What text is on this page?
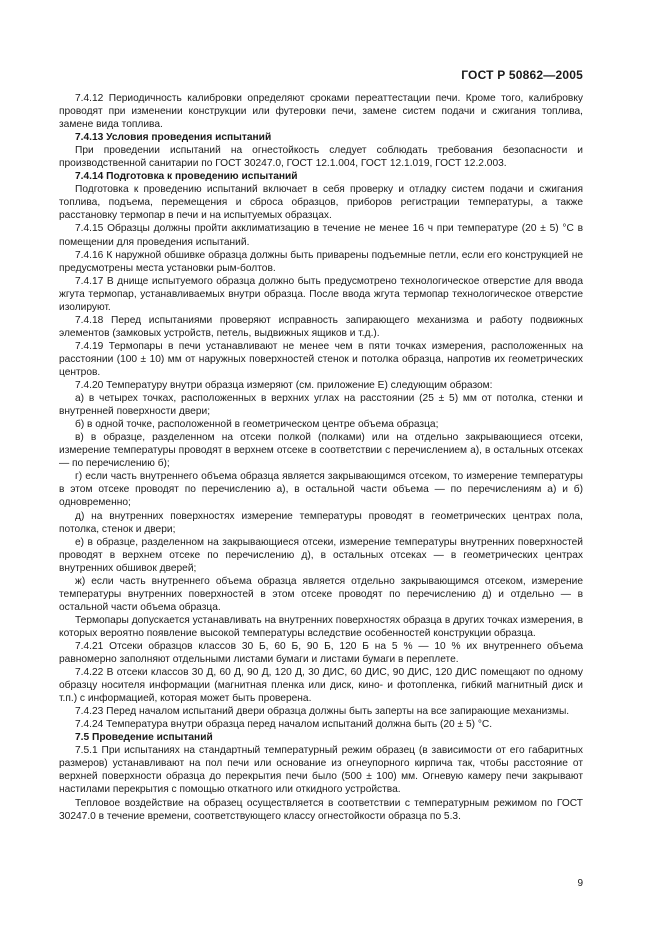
ГОСТ Р 50862—2005

7.4.12 Периодичность калибровки определяют сроками переаттестации печи. Кроме того, калибровку проводят при изменении конструкции или футеровки печи, замене систем подачи и сжигания топлива, замене вида топлива.

7.4.13 Условия проведения испытаний

При проведении испытаний на огнестойкость следует соблюдать требования безопасности и производственной санитарии по ГОСТ 30247.0, ГОСТ 12.1.004, ГОСТ 12.1.019, ГОСТ 12.2.003.

7.4.14 Подготовка к проведению испытаний

Подготовка к проведению испытаний включает в себя проверку и отладку систем подачи и сжигания топлива, подъема, перемещения и сброса образцов, приборов регистрации температуры, а также расстановку термопар в печи и на испытуемых образцах.

7.4.15 Образцы должны пройти акклиматизацию в течение не менее 16 ч при температуре (20 ± 5) °С в помещении для проведения испытаний.

7.4.16 К наружной обшивке образца должны быть приварены подъемные петли, если его конструкцией не предусмотрены места установки рым-болтов.

7.4.17 В днище испытуемого образца должно быть предусмотрено технологическое отверстие для ввода жгута термопар, устанавливаемых внутри образца. После ввода жгута термопар технологическое отверстие изолируют.

7.4.18 Перед испытаниями проверяют исправность запирающего механизма и работу подвижных элементов (замковых устройств, петель, выдвижных ящиков и т.д.).

7.4.19 Термопары в печи устанавливают не менее чем в пяти точках измерения, расположенных на расстоянии (100 ± 10) мм от наружных поверхностей стенок и потолка образца, напротив их геометрических центров.

7.4.20 Температуру внутри образца измеряют (см. приложение Е) следующим образом:

а) в четырех точках, расположенных в верхних углах на расстоянии (25 ± 5) мм от потолка, стенки и внутренней поверхности двери;

б) в одной точке, расположенной в геометрическом центре объема образца;

в) в образце, разделенном на отсеки полкой (полками) или на отдельно закрывающиеся отсеки, измерение температуры проводят в верхнем отсеке в соответствии с перечислением а), в остальных отсеках — по перечислению б);

г) если часть внутреннего объема образца является закрывающимся отсеком, то измерение температуры в этом отсеке проводят по перечислению а), в остальной части объема — по перечислениям а) и б) одновременно;

д) на внутренних поверхностях измерение температуры проводят в геометрических центрах пола, потолка, стенок и двери;

е) в образце, разделенном на закрывающиеся отсеки, измерение температуры внутренних поверхностей проводят в верхнем отсеке по перечислению д), в остальных отсеках — в геометрических центрах внутренних обшивок дверей;

ж) если часть внутреннего объема образца является отдельно закрывающимся отсеком, измерение температуры внутренних поверхностей в этом отсеке проводят по перечислению д) и отдельно — в остальной части объема образца.

Термопары допускается устанавливать на внутренних поверхностях образца в других точках измерения, в которых вероятно появление высокой температуры вследствие особенностей конструкции образца.

7.4.21 Отсеки образцов классов 30 Б, 60 Б, 90 Б, 120 Б на 5 % — 10 % их внутреннего объема равномерно заполняют отдельными листами бумаги и листами бумаги в переплете.

7.4.22 В отсеки классов 30 Д, 60 Д, 90 Д, 120 Д, 30 ДИС, 60 ДИС, 90 ДИС, 120 ДИС помещают по одному образцу носителя информации (магнитная пленка или диск, кино- и фотопленка, гибкий магнитный диск и т.п.) с информацией, которая может быть проверена.

7.4.23 Перед началом испытаний двери образца должны быть заперты на все запирающие механизмы.

7.4.24 Температура внутри образца перед началом испытаний должна быть (20 ± 5) °С.

7.5 Проведение испытаний

7.5.1 При испытаниях на стандартный температурный режим образец (в зависимости от его габаритных размеров) устанавливают на пол печи или основание из огнеупорного кирпича так, чтобы расстояние от верхней поверхности образца до перекрытия печи было (500 ± 100) мм. Огневую камеру печи закрывают настилами перекрытия с помощью откатного или откидного устройства.

Тепловое воздействие на образец осуществляется в соответствии с температурным режимом по ГОСТ 30247.0 в течение времени, соответствующего классу огнестойкости образца по 5.3.

9
